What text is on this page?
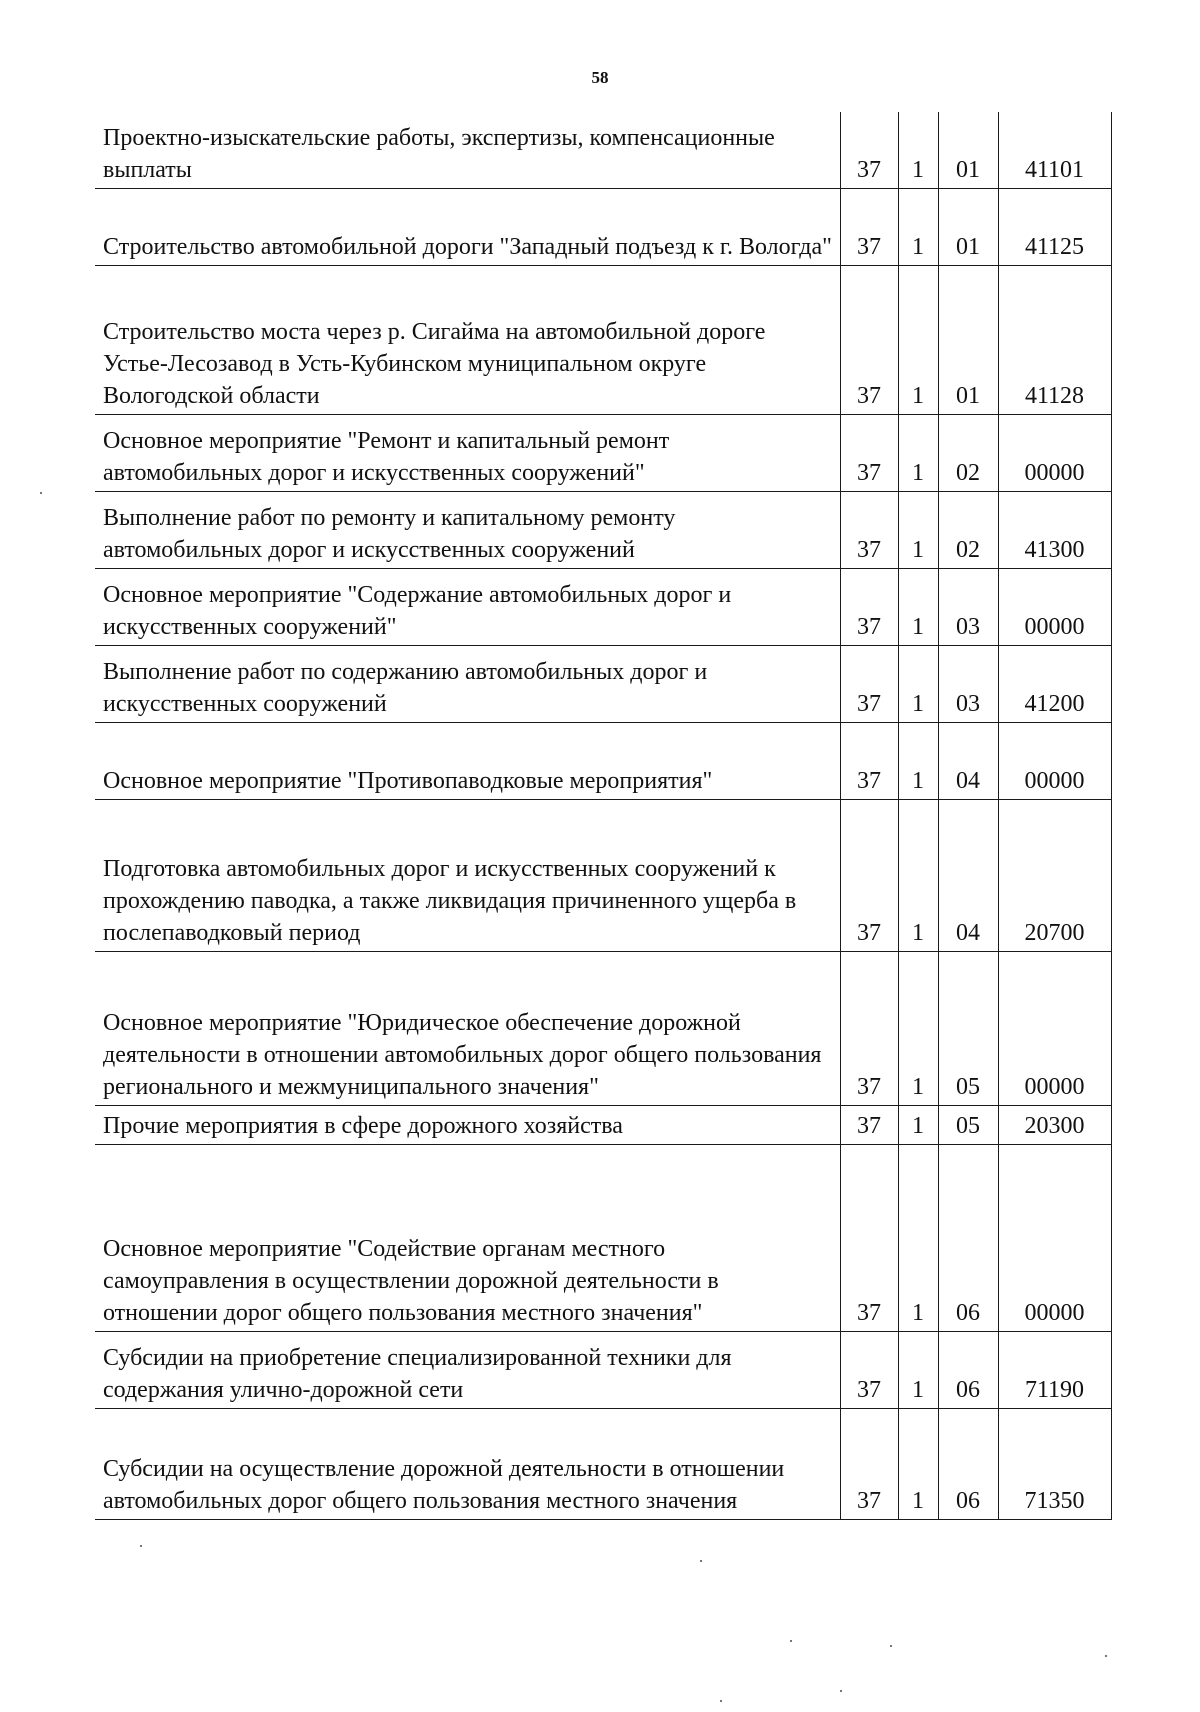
58
Проектно-изыскательские работы, экспертизы, компенсационные выплаты	37	1	01	41101
Строительство автомобильной дороги "Западный подъезд к г. Вологда"	37	1	01	41125
Строительство моста через р. Сигайма на автомобильной дороге Устье-Лесозавод в Усть-Кубинском муниципальном округе Вологодской области	37	1	01	41128
Основное мероприятие "Ремонт и капитальный ремонт автомобильных дорог и искусственных сооружений"	37	1	02	00000
Выполнение работ по ремонту и капитальному ремонту автомобильных дорог и искусственных сооружений	37	1	02	41300
Основное мероприятие "Содержание автомобильных дорог и искусственных сооружений"	37	1	03	00000
Выполнение работ по содержанию автомобильных дорог и искусственных сооружений	37	1	03	41200
Основное мероприятие "Противопаводковые мероприятия"	37	1	04	00000
Подготовка автомобильных дорог и искусственных сооружений к прохождению паводка, а также ликвидация причиненного ущерба в послепаводковый период	37	1	04	20700
Основное мероприятие "Юридическое обеспечение дорожной деятельности в отношении автомобильных дорог общего пользования регионального и межмуниципального значения"	37	1	05	00000
Прочие мероприятия в сфере дорожного хозяйства	37	1	05	20300
Основное мероприятие "Содействие органам местного самоуправления в осуществлении дорожной деятельности в отношении дорог общего пользования местного значения"	37	1	06	00000
Субсидии на приобретение специализированной техники для содержания улично-дорожной сети	37	1	06	71190
Субсидии на осуществление дорожной деятельности в отношении автомобильных дорог общего пользования местного значения	37	1	06	71350
